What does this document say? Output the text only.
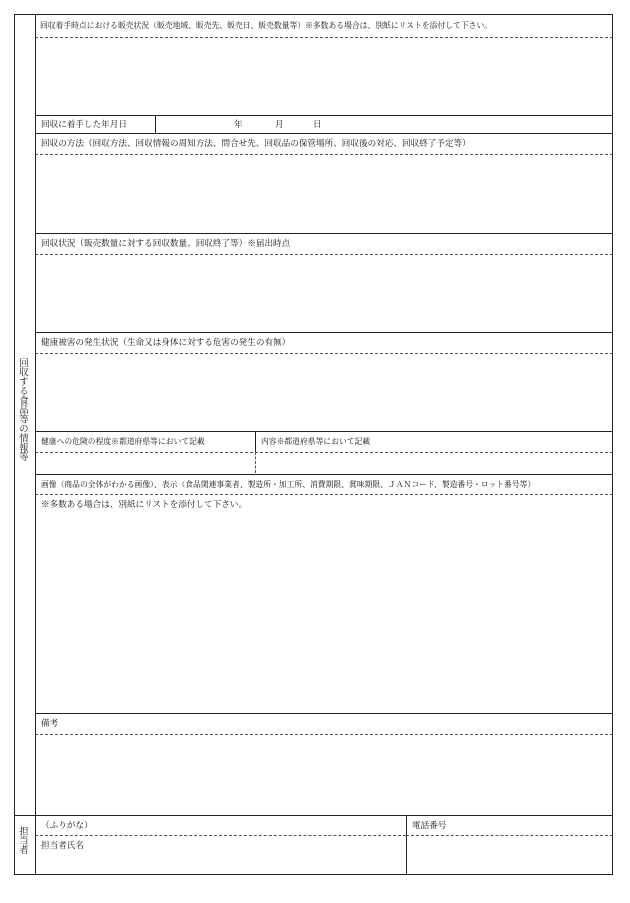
回収する食品等の情報等
回収着手時点における販売状況（販売地域、販売先、販売日、販売数量等）※多数ある場合は、別紙にリストを添付して下さい。
回収に着手した年月日	年	月	日
回収の方法（回収方法、回収情報の周知方法、問合せ先、回収品の保管場所、回収後の対応、回収終了予定等）
回収状況（販売数量に対する回収数量、回収終了等）※届出時点
健康被害の発生状況（生命又は身体に対する危害の発生の有無）
健康への危険の程度※都道府県等において記載	内容※都道府県等において記載
画像（商品の全体がわかる画像）、表示（食品関連事業者、製造所・加工所、消費期限、賞味期限、ＪＡＮコード、製造番号・ロット番号等）
※多数ある場合は、別紙にリストを添付して下さい。
備考
担当者 （ふりがな）
担当者氏名
電話番号
